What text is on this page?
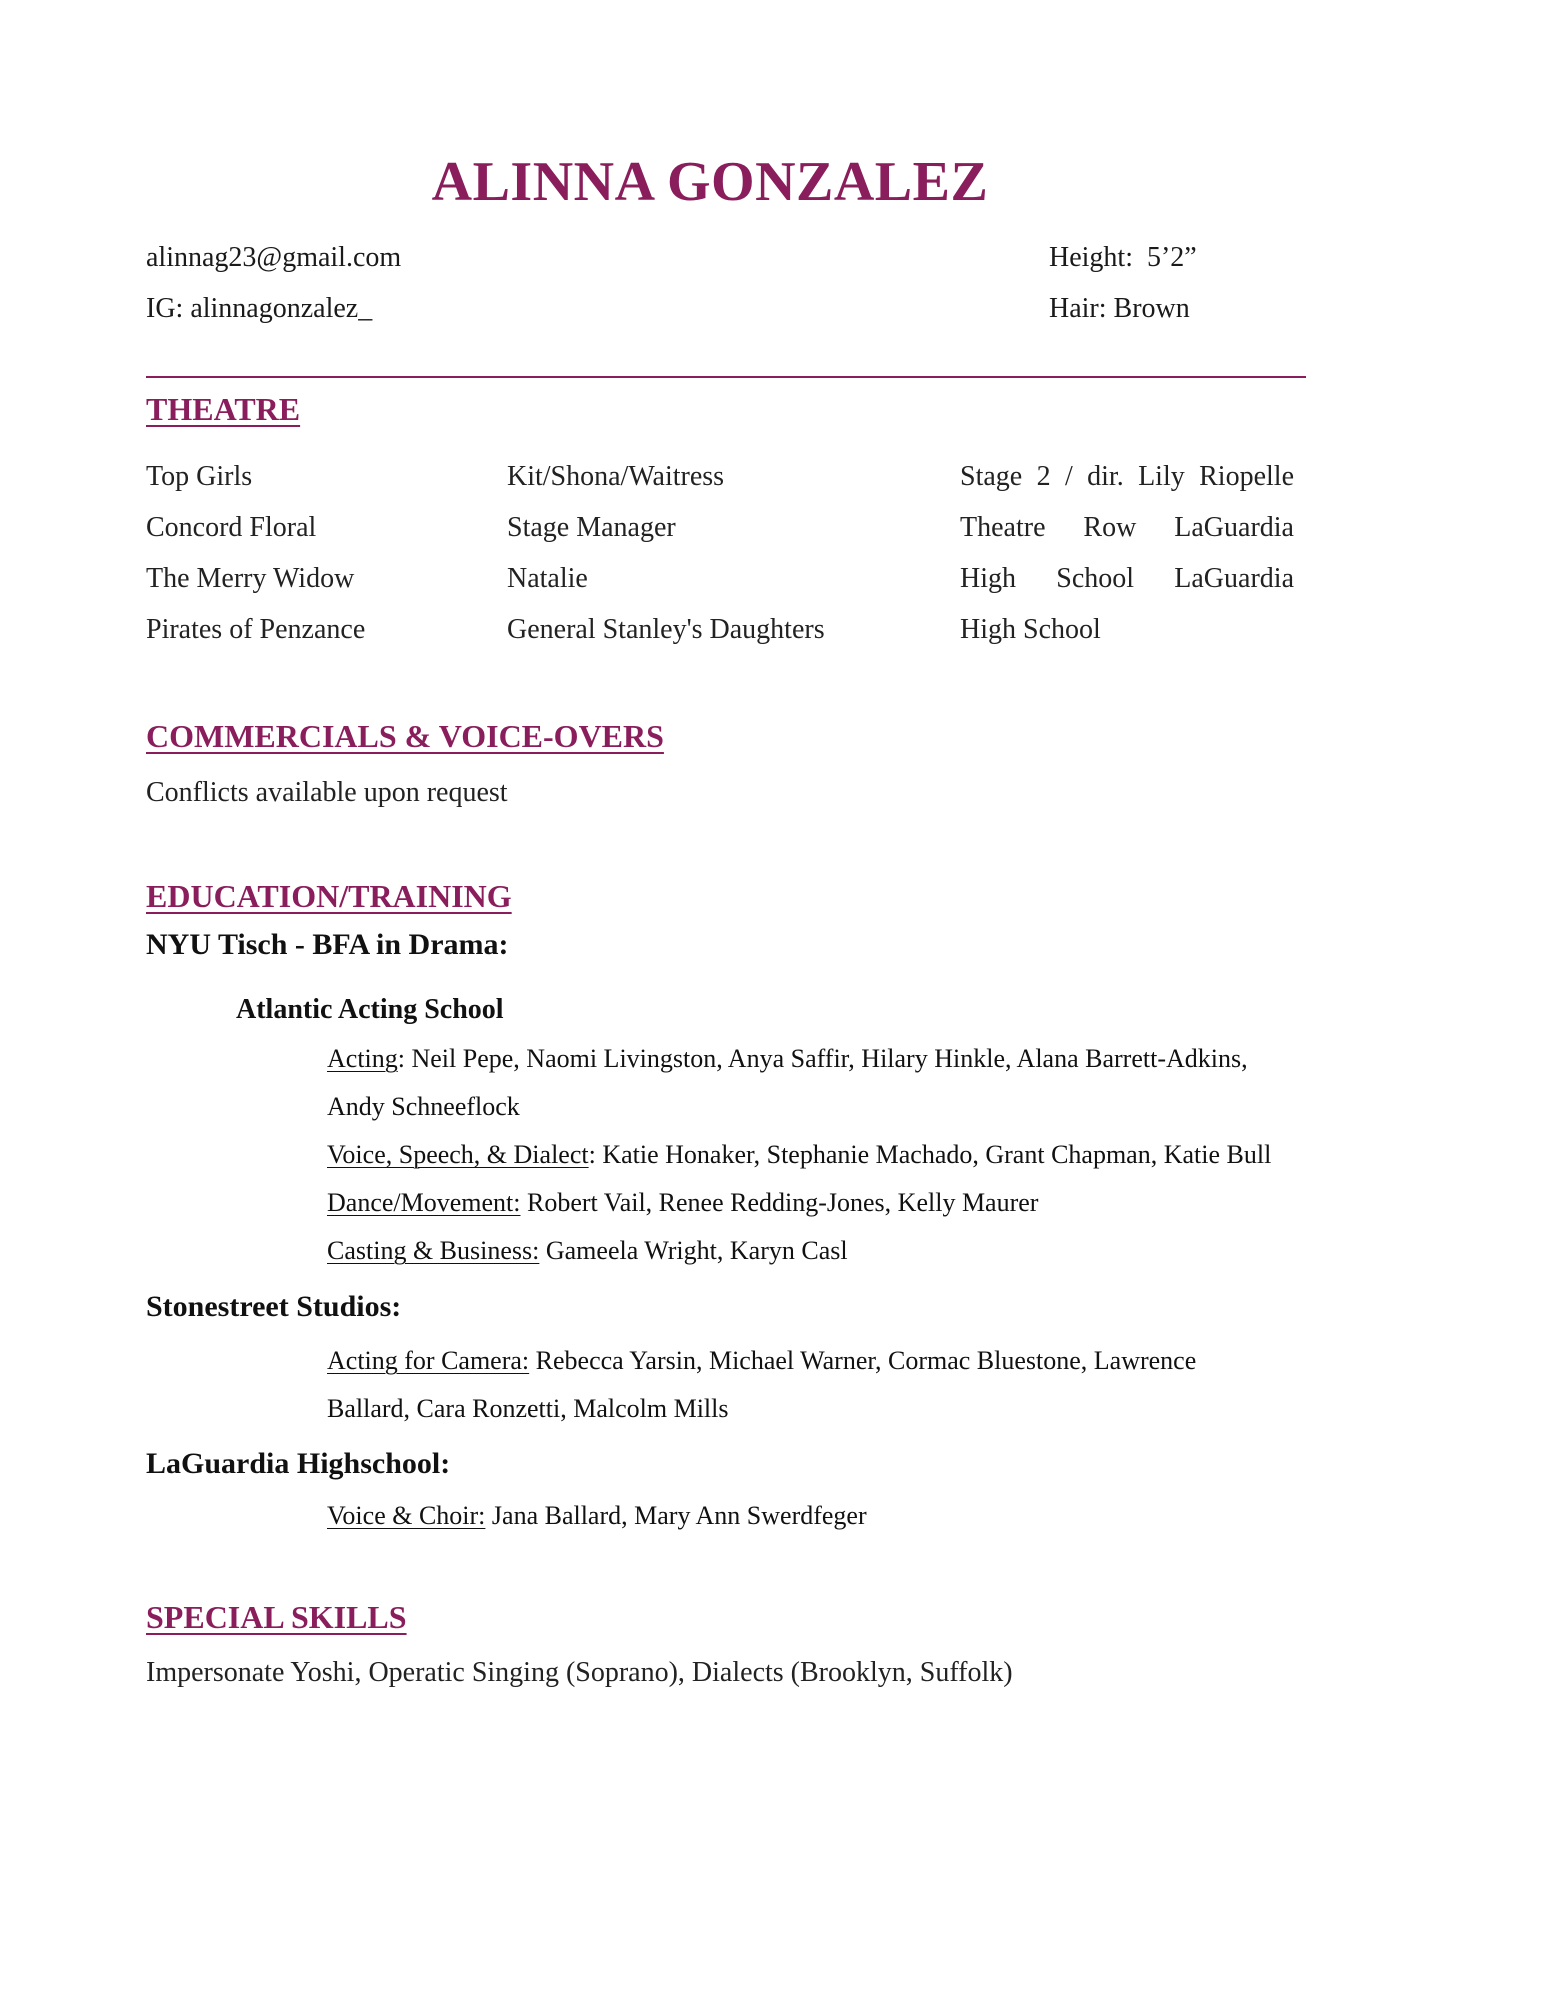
ALINNA GONZALEZ
alinnag23@gmail.com
IG: alinnagonzalez_
Height:  5’2”
Hair: Brown
THEATRE
Top Girls	Kit/Shona/Waitress	Stage 2 / dir. Lily Riopelle
Concord Floral	Stage Manager	Theatre Row LaGuardia
The Merry Widow	Natalie	High School LaGuardia
Pirates of Penzance	General Stanley's Daughters	High School
COMMERCIALS & VOICE-OVERS
Conflicts available upon request
EDUCATION/TRAINING
NYU Tisch - BFA in Drama:
Atlantic Acting School
Acting: Neil Pepe, Naomi Livingston, Anya Saffir, Hilary Hinkle, Alana Barrett-Adkins,
Andy Schneeflock
Voice, Speech, & Dialect: Katie Honaker, Stephanie Machado, Grant Chapman, Katie Bull
Dance/Movement: Robert Vail, Renee Redding-Jones, Kelly Maurer
Casting & Business: Gameela Wright, Karyn Casl
Stonestreet Studios:
Acting for Camera: Rebecca Yarsin, Michael Warner, Cormac Bluestone, Lawrence
Ballard, Cara Ronzetti, Malcolm Mills
LaGuardia Highschool:
Voice & Choir: Jana Ballard, Mary Ann Swerdfeger
SPECIAL SKILLS
Impersonate Yoshi, Operatic Singing (Soprano), Dialects (Brooklyn, Suffolk)
